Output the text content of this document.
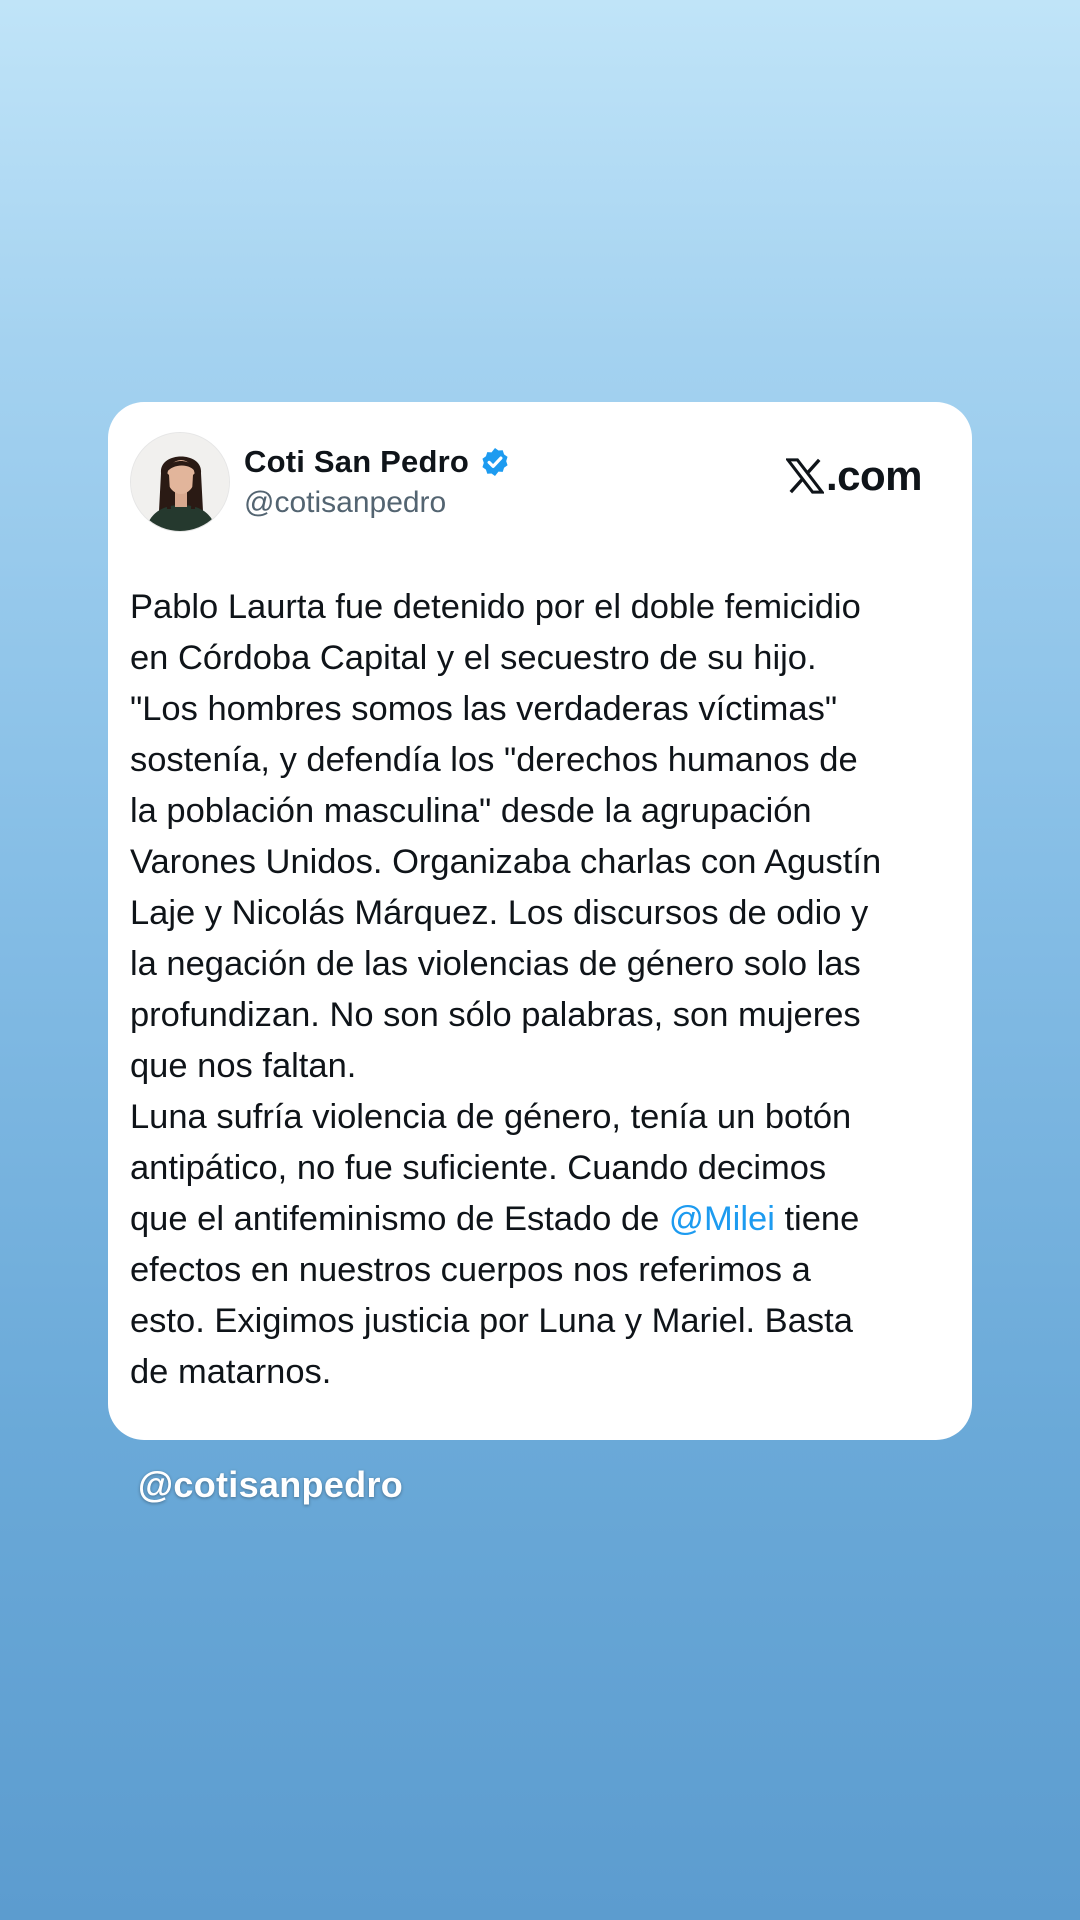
Coti San Pedro
@cotisanpedro
.com
Pablo Laurta fue detenido por el doble femicidio
en Córdoba Capital y el secuestro de su hijo.
"Los hombres somos las verdaderas víctimas"
sostenía, y defendía los "derechos humanos de
la población masculina" desde la agrupación
Varones Unidos. Organizaba charlas con Agustín
Laje y Nicolás Márquez. Los discursos de odio y
la negación de las violencias de género solo las
profundizan. No son sólo palabras, son mujeres
que nos faltan.
Luna sufría violencia de género, tenía un botón
antipático, no fue suficiente. Cuando decimos
que el antifeminismo de Estado de @Milei tiene
efectos en nuestros cuerpos nos referimos a
esto. Exigimos justicia por Luna y Mariel. Basta
de matarnos.
@cotisanpedro
